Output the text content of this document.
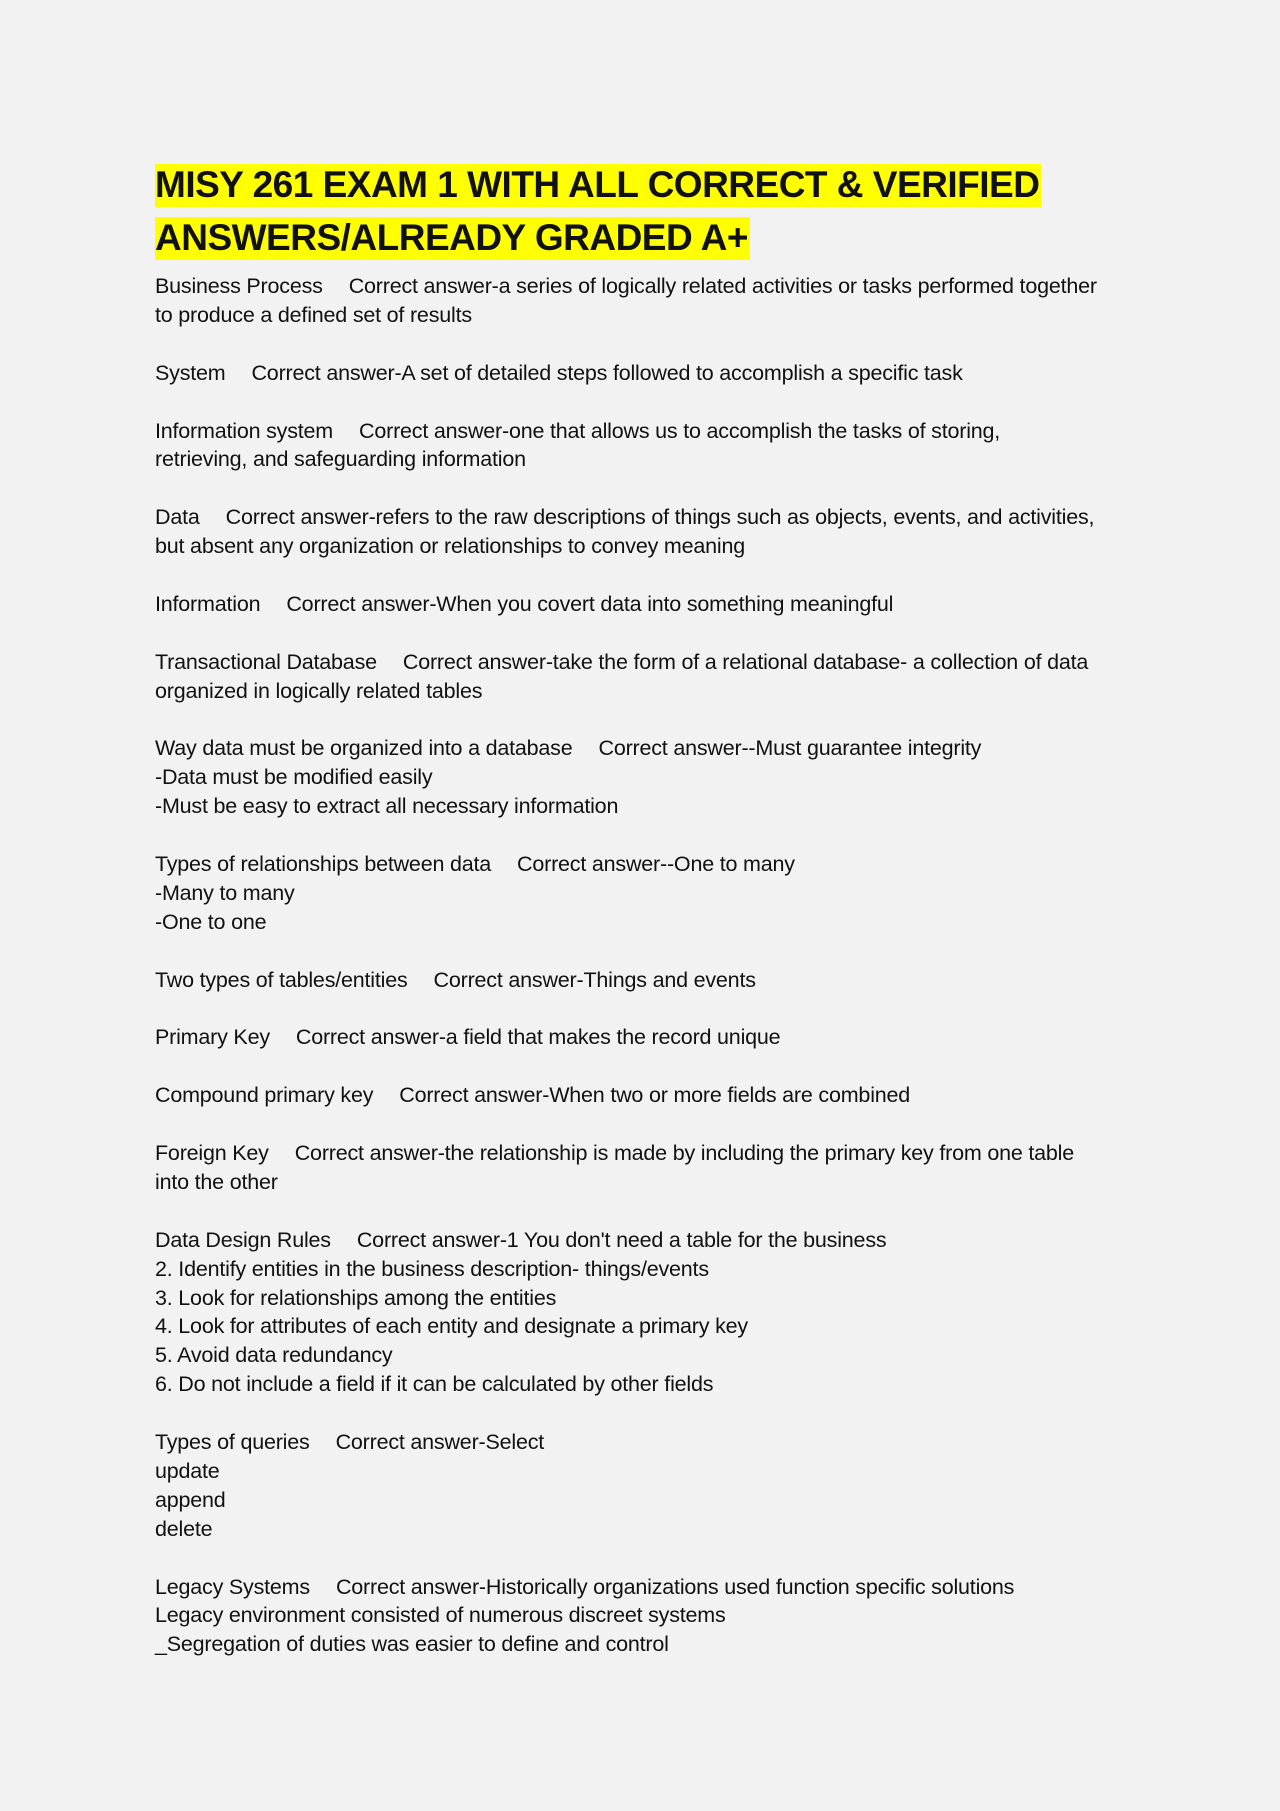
MISY 261 EXAM 1 WITH ALL CORRECT & VERIFIED
ANSWERS/ALREADY GRADED A+
Business Process Correct answer-a series of logically related activities or tasks performed together
to produce a defined set of results
System Correct answer-A set of detailed steps followed to accomplish a specific task
Information system Correct answer-one that allows us to accomplish the tasks of storing,
retrieving, and safeguarding information
Data Correct answer-refers to the raw descriptions of things such as objects, events, and activities,
but absent any organization or relationships to convey meaning
Information Correct answer-When you covert data into something meaningful
Transactional Database Correct answer-take the form of a relational database- a collection of data
organized in logically related tables
Way data must be organized into a database Correct answer--Must guarantee integrity
-Data must be modified easily
-Must be easy to extract all necessary information
Types of relationships between data Correct answer--One to many
-Many to many
-One to one
Two types of tables/entities Correct answer-Things and events
Primary Key Correct answer-a field that makes the record unique
Compound primary key Correct answer-When two or more fields are combined
Foreign Key Correct answer-the relationship is made by including the primary key from one table
into the other
Data Design Rules Correct answer-1 You don't need a table for the business
2. Identify entities in the business description- things/events
3. Look for relationships among the entities
4. Look for attributes of each entity and designate a primary key
5. Avoid data redundancy
6. Do not include a field if it can be calculated by other fields
Types of queries Correct answer-Select
update
append
delete
Legacy Systems Correct answer-Historically organizations used function specific solutions
Legacy environment consisted of numerous discreet systems
_Segregation of duties was easier to define and control
